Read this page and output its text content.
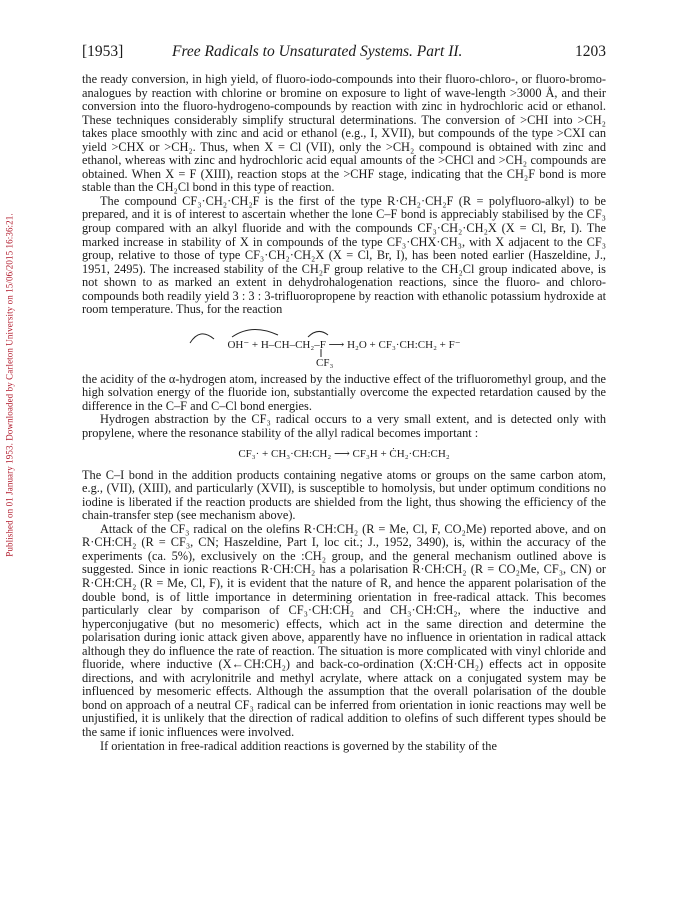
Published on 01 January 1953. Downloaded by Carleton University on 15/06/2015 16:36:21.
[1953]	Free Radicals to Unsaturated Systems. Part II.	1203

the ready conversion, in high yield, of fluoro-iodo-compounds into their fluoro-chloro-, or fluoro-bromo-analogues by reaction with chlorine or bromine on exposure to light of wave-length >3000 Å, and their conversion into the fluoro-hydrogeno-compounds by reaction with zinc in hydrochloric acid or ethanol. These techniques considerably simplify structural determinations. The conversion of >CHI into >CH₂ takes place smoothly with zinc and acid or ethanol (e.g., I, XVII), but compounds of the type >CXI can yield >CHX or >CH₂. Thus, when X = Cl (VII), only the >CH₂ compound is obtained with zinc and ethanol, whereas with zinc and hydrochloric acid equal amounts of the >CHCl and >CH₂ compounds are obtained. When X = F (XIII), reaction stops at the >CHF stage, indicating that the CH₂F bond is more stable than the CH₂Cl bond in this type of reaction.

The compound CF₃·CH₂·CH₂F is the first of the type R·CH₂·CH₂F (R = polyfluoro-alkyl) to be prepared, and it is of interest to ascertain whether the lone C–F bond is appreciably stabilised by the CF₃ group compared with an alkyl fluoride and with the compounds CF₃·CH₂·CH₂X (X = Cl, Br, I). The marked increase in stability of X in compounds of the type CF₃·CHX·CH₃, with X adjacent to the CF₃ group, relative to those of type CF₃·CH₂·CH₂X (X = Cl, Br, I), has been noted earlier (Haszeldine, J., 1951, 2495). The increased stability of the CH₂F group relative to the CH₂Cl group indicated above, is not shown to as marked an extent in dehydrohalogenation reactions, since the fluoro- and chloro-compounds both readily yield 3 : 3 : 3-trifluoropropene by reaction with ethanolic potassium hydroxide at room temperature. Thus, for the reaction

OH⁻ + H–CH–CH₂–F ⟶ H₂O + CF₃·CH:CH₂ + F⁻
CF₃

the acidity of the α-hydrogen atom, increased by the inductive effect of the trifluoromethyl group, and the high solvation energy of the fluoride ion, substantially overcome the expected retardation caused by the difference in the C–F and C–Cl bond energies.

Hydrogen abstraction by the CF₃ radical occurs to a very small extent, and is detected only with propylene, where the resonance stability of the allyl radical becomes important :

CF₃· + CH₃·CH:CH₂ ⟶ CF₃H + ĊH₂·CH:CH₂

The C–I bond in the addition products containing negative atoms or groups on the same carbon atom, e.g., (VII), (XIII), and particularly (XVII), is susceptible to homolysis, but under optimum conditions no iodine is liberated if the reaction products are shielded from the light, thus showing the efficiency of the chain-transfer step (see mechanism above).

Attack of the CF₃ radical on the olefins R·CH:CH₂ (R = Me, Cl, F, CO₂Me) reported above, and on R·CH:CH₂ (R = CF₃, CN; Haszeldine, Part I, loc cit.; J., 1952, 3490), is, within the accuracy of the experiments (ca. 5%), exclusively on the :CH₂ group, and the general mechanism outlined above is suggested. Since in ionic reactions R·CH:CH₂ has a polarisation R·CH:CH₂ (R = CO₂Me, CF₃, CN) or R·CH:CH₂ (R = Me, Cl, F), it is evident that the nature of R, and hence the apparent polarisation of the double bond, is of little importance in determining orientation in free-radical attack. This becomes particularly clear by comparison of CF₃·CH:CH₂ and CH₃·CH:CH₂, where the inductive and hyperconjugative (but no mesomeric) effects, which act in the same direction and determine the polarisation during ionic attack given above, apparently have no influence in orientation in radical attack although they do influence the rate of reaction. The situation is more complicated with vinyl chloride and fluoride, where inductive (X←CH:CH₂) and back-co-ordination (X:CH·CH₂) effects act in opposite directions, and with acrylonitrile and methyl acrylate, where attack on a conjugated system may be influenced by mesomeric effects. Although the assumption that the overall polarisation of the double bond on approach of a neutral CF₃ radical can be inferred from orientation in ionic reactions may well be unjustified, it is unlikely that the direction of radical addition to olefins of such different types should be the same if ionic influences were involved.

If orientation in free-radical addition reactions is governed by the stability of the
